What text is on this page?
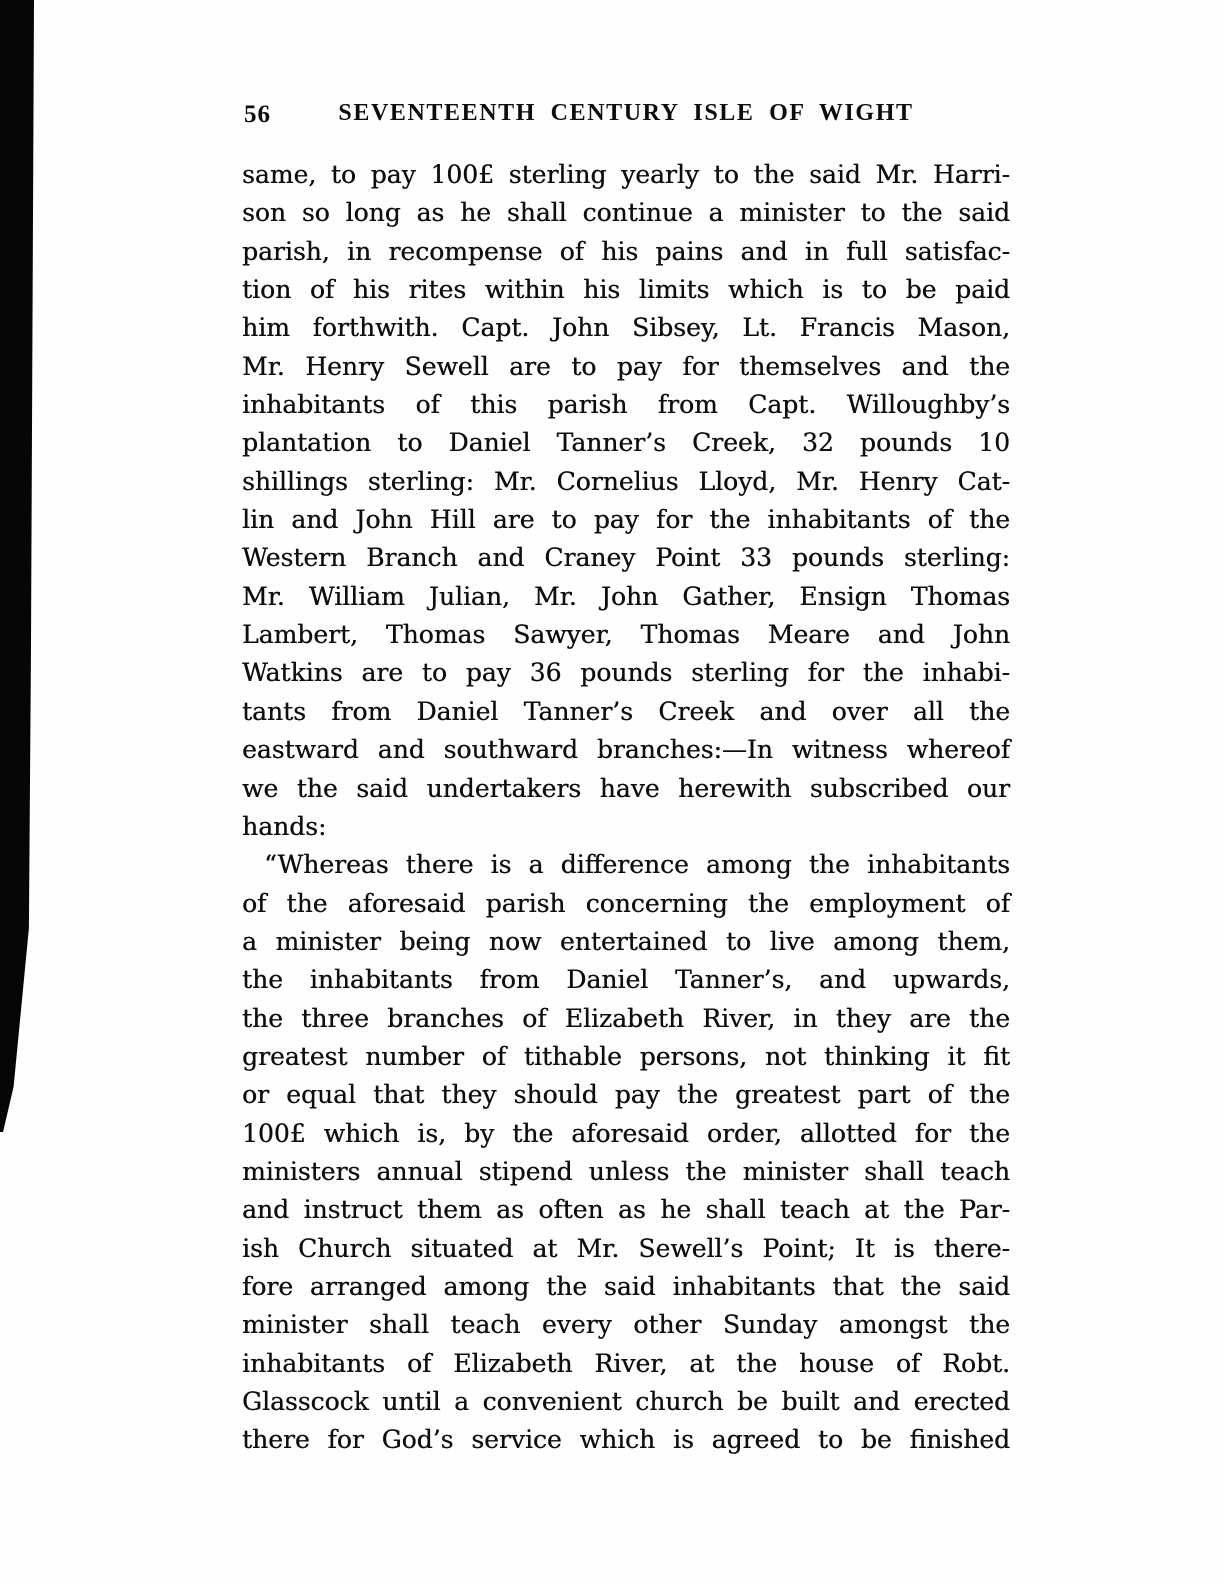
56	SEVENTEENTH CENTURY ISLE OF WIGHT
same, to pay 100£ sterling yearly to the said Mr. Harri-
son so long as he shall continue a minister to the said
parish, in recompense of his pains and in full satisfac-
tion of his rites within his limits which is to be paid
him forthwith. Capt. John Sibsey, Lt. Francis Mason,
Mr. Henry Sewell are to pay for themselves and the
inhabitants of this parish from Capt. Willoughby’s
plantation to Daniel Tanner’s Creek, 32 pounds 10
shillings sterling: Mr. Cornelius Lloyd, Mr. Henry Cat-
lin and John Hill are to pay for the inhabitants of the
Western Branch and Craney Point 33 pounds sterling:
Mr. William Julian, Mr. John Gather, Ensign Thomas
Lambert, Thomas Sawyer, Thomas Meare and John
Watkins are to pay 36 pounds sterling for the inhabi-
tants from Daniel Tanner’s Creek and over all the
eastward and southward branches:—In witness whereof
we the said undertakers have herewith subscribed our
hands:
“Whereas there is a difference among the inhabitants
of the aforesaid parish concerning the employment of
a minister being now entertained to live among them,
the inhabitants from Daniel Tanner’s, and upwards,
the three branches of Elizabeth River, in they are the
greatest number of tithable persons, not thinking it fit
or equal that they should pay the greatest part of the
100£ which is, by the aforesaid order, allotted for the
ministers annual stipend unless the minister shall teach
and instruct them as often as he shall teach at the Par-
ish Church situated at Mr. Sewell’s Point; It is there-
fore arranged among the said inhabitants that the said
minister shall teach every other Sunday amongst the
inhabitants of Elizabeth River, at the house of Robt.
Glasscock until a convenient church be built and erected
there for God’s service which is agreed to be finished
